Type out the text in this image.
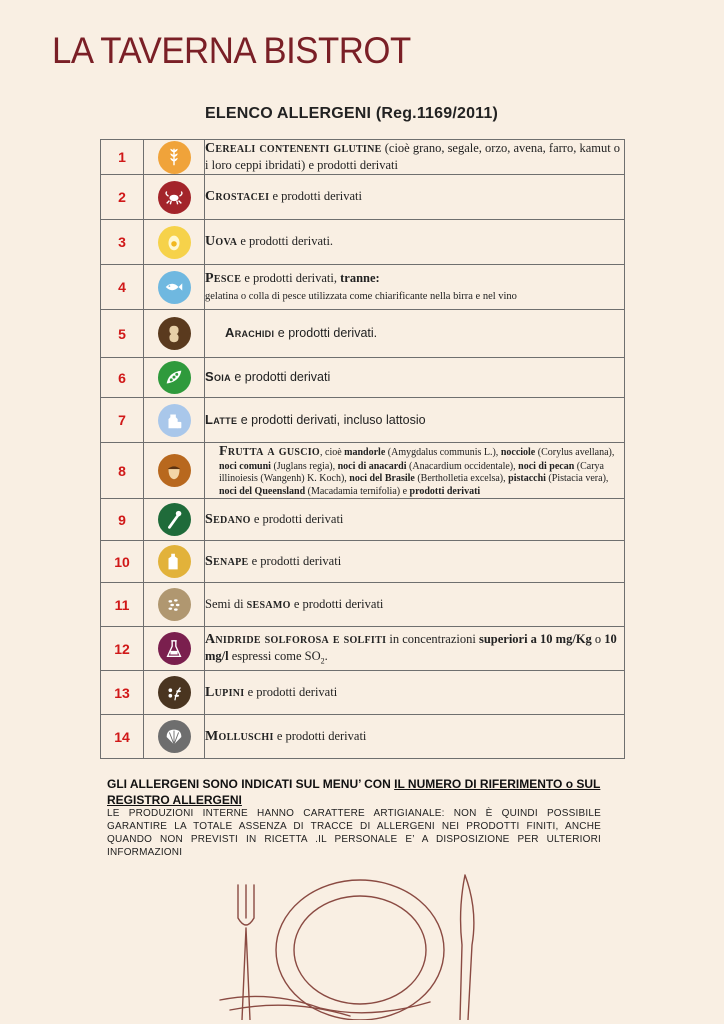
LA TAVERNA BISTROT
ELENCO ALLERGENI (Reg.1169/2011)
1		Cereali contenenti glutine (cioè grano, segale, orzo, avena, farro, kamut o i loro ceppi ibridati) e prodotti derivati
2		Crostacei e prodotti derivati
3		Uova e prodotti derivati.
4		Pesce e prodotti derivati, tranne:
gelatina o colla di pesce utilizzata come chiarificante nella birra e nel vino
5		Arachidi e prodotti derivati.
6		Soia e prodotti derivati
7		Latte e prodotti derivati, incluso lattosio
8		Frutta a guscio, cioè mandorle (Amygdalus communis L.), nocciole (Corylus avellana), noci comuni (Juglans regia), noci di anacardi (Anacardium occidentale), noci di pecan (Carya illinoiesis (Wangenh) K. Koch), noci del Brasile (Bertholletia excelsa), pistacchi (Pistacia vera), noci del Queensland (Macadamia ternifolia) e prodotti derivati
9		Sedano e prodotti derivati
10		Senape e prodotti derivati
11		Semi di sesamo e prodotti derivati
12		Anidride solforosa e solfiti in concentrazioni superiori a 10 mg/Kg o 10 mg/l espressi come $SO_2$.
13		Lupini e prodotti derivati
14		Molluschi e prodotti derivati
GLI ALLERGENI SONO INDICATI SUL MENU’ CON IL NUMERO DI RIFERIMENTO o SUL REGISTRO ALLERGENI
LE PRODUZIONI INTERNE HANNO CARATTERE ARTIGIANALE: NON È QUINDI POSSIBILE GARANTIRE LA TOTALE ASSENZA DI TRACCE DI ALLERGENI NEI PRODOTTI FINITI, ANCHE QUANDO NON PREVISTI IN RICETTA .IL PERSONALE E’ A DISPOSIZIONE PER ULTERIORI INFORMAZIONI
